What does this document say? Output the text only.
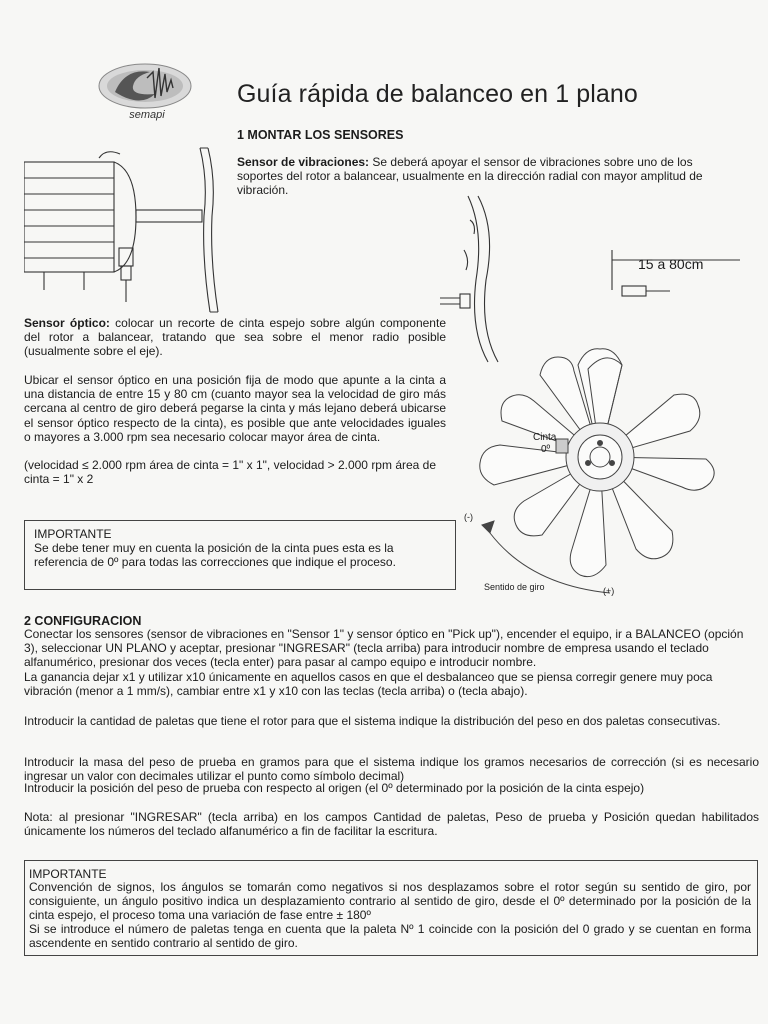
semapi
Guía rápida de balanceo en 1 plano
1 MONTAR LOS SENSORES
Sensor de vibraciones: Se deberá apoyar el sensor de vibraciones sobre uno de los soportes del rotor a balancear, usualmente en la dirección radial con mayor amplitud de vibración.
15 a 80cm
Sensor óptico: colocar un recorte de cinta espejo sobre algún componente del rotor a balancear, tratando que sea sobre el menor radio posible (usualmente sobre el eje).
Ubicar el sensor óptico en una posición fija de modo que apunte a la cinta a una distancia de entre 15 y 80 cm (cuanto mayor sea la velocidad de giro más cercana al centro de giro deberá pegarse la cinta y más lejano deberá ubicarse el sensor óptico respecto de la cinta), es posible que ante velocidades iguales o mayores a 3.000 rpm sea necesario colocar mayor área de cinta.
(velocidad ≤ 2.000 rpm área de cinta = 1" x 1", velocidad > 2.000 rpm área de cinta = 1" x 2
IMPORTANTE
Se debe tener muy en cuenta la posición de la cinta pues esta es la referencia de 0º para todas las correcciones que indique el proceso.
Cinta
0º
(-)
Sentido de giro	(+)
2 CONFIGURACION
Conectar los sensores (sensor de vibraciones en "Sensor 1" y sensor óptico en "Pick up"), encender el equipo, ir a BALANCEO (opción 3), seleccionar UN PLANO y aceptar, presionar "INGRESAR" (tecla arriba) para introducir nombre de empresa usando el teclado alfanumérico, presionar dos veces (tecla enter) para pasar al campo equipo e introducir nombre.
La ganancia dejar x1 y utilizar x10 únicamente en aquellos casos en que el desbalanceo que se piensa corregir genere muy poca vibración (menor a 1 mm/s), cambiar entre x1 y x10 con las teclas (tecla arriba) o (tecla abajo).
Introducir la cantidad de paletas que tiene el rotor para que el sistema indique la distribución del peso en dos paletas consecutivas.
Introducir la masa del peso de prueba en gramos para que el sistema indique los gramos necesarios de corrección (si es necesario ingresar un valor con decimales utilizar el punto como símbolo decimal)
Introducir la posición del peso de prueba con respecto al origen (el 0º determinado por la posición de la cinta espejo)
Nota: al presionar "INGRESAR" (tecla arriba) en los campos Cantidad de paletas, Peso de prueba y Posición quedan habilitados únicamente los números del teclado alfanumérico a fin de facilitar la escritura.
IMPORTANTE
Convención de signos, los ángulos se tomarán como negativos si nos desplazamos sobre el rotor según su sentido de giro, por consiguiente, un ángulo positivo indica un desplazamiento contrario al sentido de giro, desde el 0º determinado por la posición de la cinta espejo, el proceso toma una variación de fase entre ± 180º
Si se introduce el número de paletas tenga en cuenta que la paleta Nº 1 coincide con la posición del 0 grado y se cuentan en forma ascendente en sentido contrario al sentido de giro.
